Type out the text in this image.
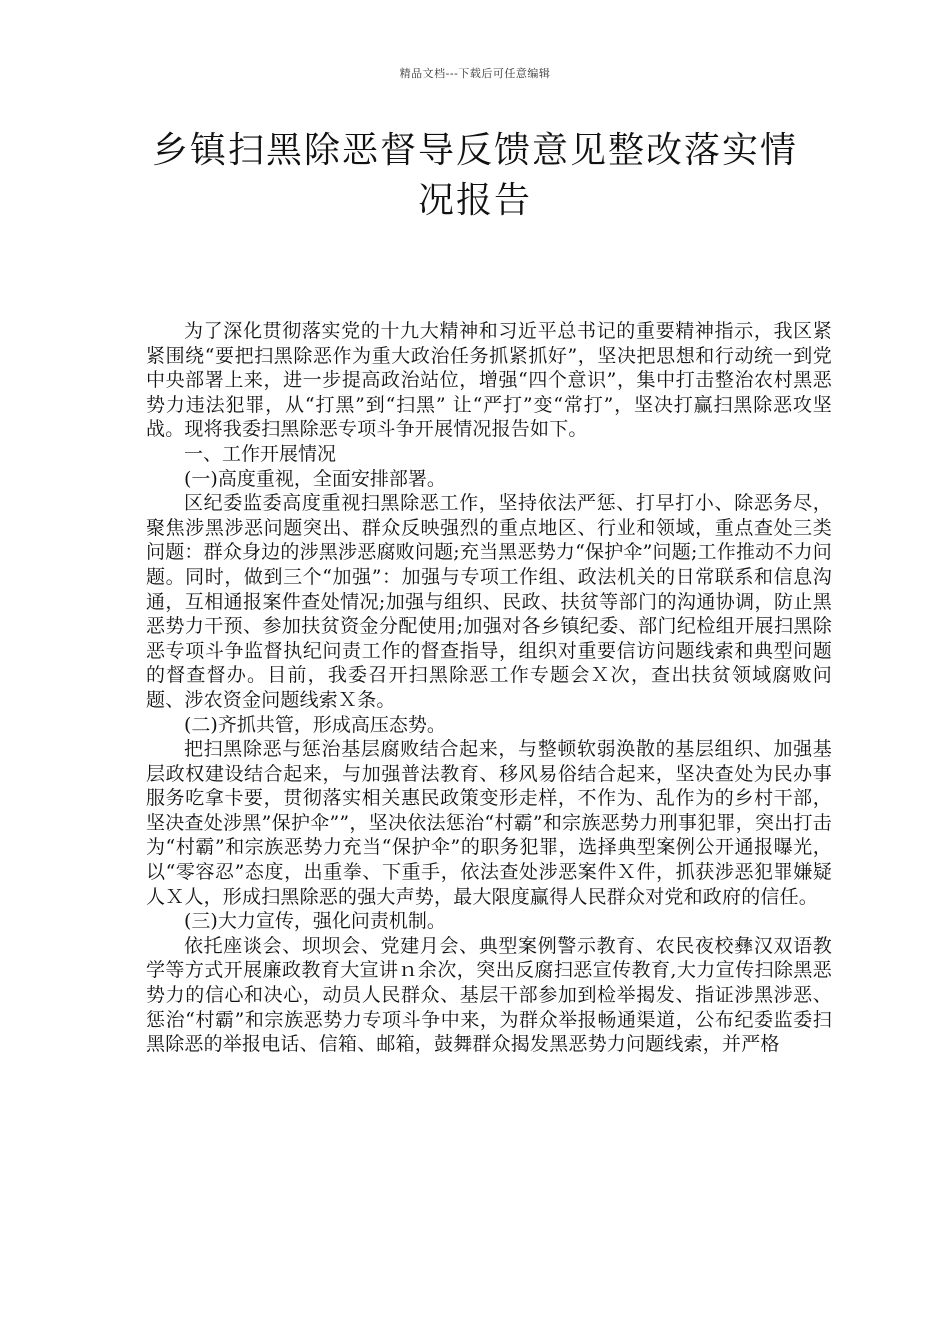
精品文档---下载后可任意编辑
乡镇扫黑除恶督导反馈意见整改落实情
况报告

为了深化贯彻落实党的十九大精神和习近平总书记的重要精神指示，我区紧紧围绕“要把扫黑除恶作为重大政治任务抓紧抓好”，坚决把思想和行动统一到党中央部署上来，进一步提高政治站位，增强“四个意识”，集中打击整治农村黑恶势力违法犯罪，从“打黑”到“扫黑” 让“严打”变“常打”，坚决打赢扫黑除恶攻坚战。现将我委扫黑除恶专项斗争开展情况报告如下。

一、工作开展情况

(一)高度重视，全面安排部署。

区纪委监委高度重视扫黑除恶工作，坚持依法严惩、打早打小、除恶务尽，聚焦涉黑涉恶问题突出、群众反映强烈的重点地区、行业和领域，重点查处三类问题：群众身边的涉黑涉恶腐败问题;充当黑恶势力“保护伞”问题;工作推动不力问题。同时，做到三个“加强”：加强与专项工作组、政法机关的日常联系和信息沟通，互相通报案件查处情况;加强与组织、民政、扶贫等部门的沟通协调，防止黑恶势力干预、参加扶贫资金分配使用;加强对各乡镇纪委、部门纪检组开展扫黑除恶专项斗争监督执纪问责工作的督查指导，组织对重要信访问题线索和典型问题的督查督办。目前，我委召开扫黑除恶工作专题会Ｘ次，查出扶贫领域腐败问题、涉农资金问题线索Ｘ条。

(二)齐抓共管，形成高压态势。

把扫黑除恶与惩治基层腐败结合起来，与整顿软弱涣散的基层组织、加强基层政权建设结合起来，与加强普法教育、移风易俗结合起来，坚决查处为民办事服务吃拿卡要，贯彻落实相关惠民政策变形走样，不作为、乱作为的乡村干部，坚决查处涉黑”保护伞””，坚决依法惩治“村霸”和宗族恶势力刑事犯罪，突出打击为“村霸”和宗族恶势力充当“保护伞”的职务犯罪，选择典型案例公开通报曝光，以“零容忍”态度，出重拳、下重手，依法查处涉恶案件Ｘ件，抓获涉恶犯罪嫌疑人Ｘ人，形成扫黑除恶的强大声势，最大限度赢得人民群众对党和政府的信任。

(三)大力宣传，强化问责机制。

依托座谈会、坝坝会、党建月会、典型案例警示教育、农民夜校彝汉双语教学等方式开展廉政教育大宣讲ｎ余次，突出反腐扫恶宣传教育,大力宣传扫除黑恶势力的信心和决心，动员人民群众、基层干部参加到检举揭发、指证涉黑涉恶、惩治“村霸”和宗族恶势力专项斗争中来，为群众举报畅通渠道，公布纪委监委扫黑除恶的举报电话、信箱、邮箱，鼓舞群众揭发黑恶势力问题线索，并严格
